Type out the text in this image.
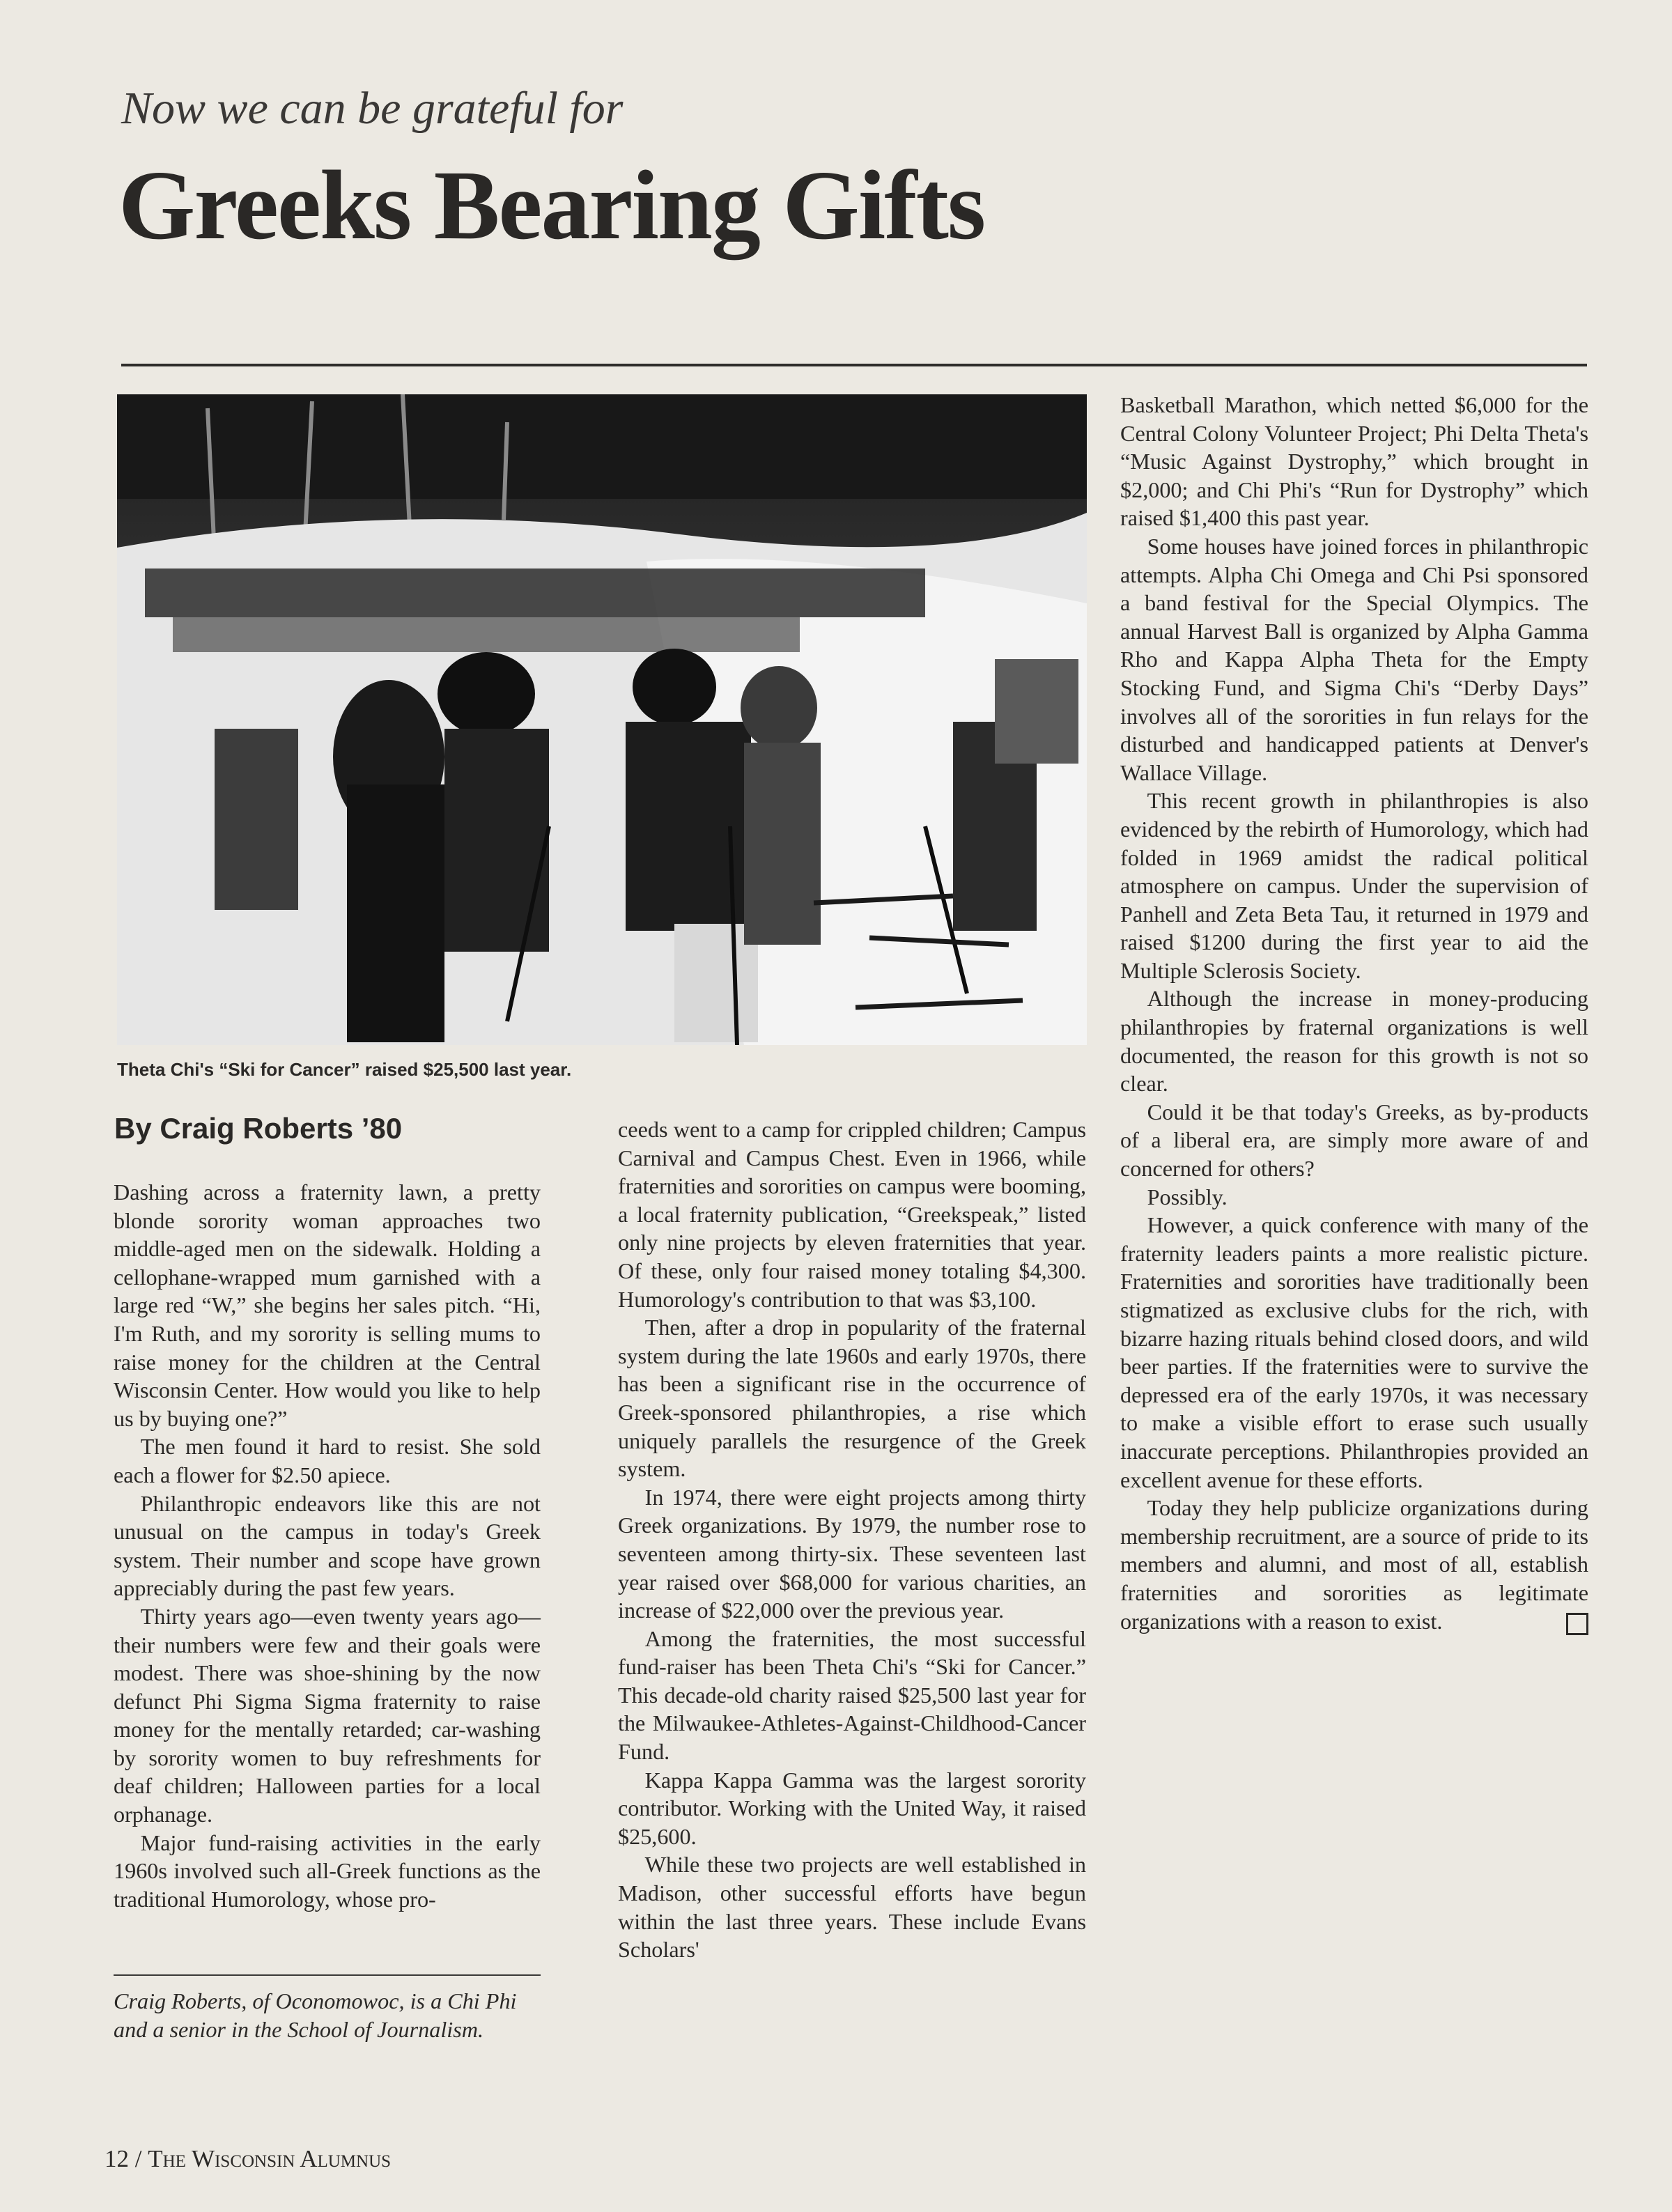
Now we can be grateful for
Greeks Bearing Gifts
Theta Chi's “Ski for Cancer” raised $25,500 last year.
By Craig Roberts ’80

Dashing across a fraternity lawn, a pretty blonde sorority woman approaches two middle-aged men on the sidewalk. Holding a cellophane-wrapped mum garnished with a large red “W,” she begins her sales pitch. “Hi, I'm Ruth, and my sorority is selling mums to raise money for the children at the Central Wisconsin Center. How would you like to help us by buying one?”

The men found it hard to resist. She sold each a flower for $2.50 apiece.

Philanthropic endeavors like this are not unusual on the campus in today's Greek system. Their number and scope have grown appreciably during the past few years.

Thirty years ago—even twenty years ago—their numbers were few and their goals were modest. There was shoe-shining by the now defunct Phi Sigma Sigma fraternity to raise money for the mentally retarded; car-washing by sorority women to buy refreshments for deaf children; Halloween parties for a local orphanage.

Major fund-raising activities in the early 1960s involved such all-Greek functions as the traditional Humorology, whose pro-

Craig Roberts, of Oconomowoc, is a Chi Phi and a senior in the School of Journalism.

ceeds went to a camp for crippled children; Campus Carnival and Campus Chest. Even in 1966, while fraternities and sororities on campus were booming, a local fraternity publication, “Greekspeak,” listed only nine projects by eleven fraternities that year. Of these, only four raised money totaling $4,300. Humorology's contribution to that was $3,100.

Then, after a drop in popularity of the fraternal system during the late 1960s and early 1970s, there has been a significant rise in the occurrence of Greek-sponsored philanthropies, a rise which uniquely parallels the resurgence of the Greek system.

In 1974, there were eight projects among thirty Greek organizations. By 1979, the number rose to seventeen among thirty-six. These seventeen last year raised over $68,000 for various charities, an increase of $22,000 over the previous year.

Among the fraternities, the most successful fund-raiser has been Theta Chi's “Ski for Cancer.” This decade-old charity raised $25,500 last year for the Milwaukee-Athletes-Against-Childhood-Cancer Fund.

Kappa Kappa Gamma was the largest sorority contributor. Working with the United Way, it raised $25,600.

While these two projects are well established in Madison, other successful efforts have begun within the last three years. These include Evans Scholars'

Basketball Marathon, which netted $6,000 for the Central Colony Volunteer Project; Phi Delta Theta's “Music Against Dystrophy,” which brought in $2,000; and Chi Phi's “Run for Dystrophy” which raised $1,400 this past year.

Some houses have joined forces in philanthropic attempts. Alpha Chi Omega and Chi Psi sponsored a band festival for the Special Olympics. The annual Harvest Ball is organized by Alpha Gamma Rho and Kappa Alpha Theta for the Empty Stocking Fund, and Sigma Chi's “Derby Days” involves all of the sororities in fun relays for the disturbed and handicapped patients at Denver's Wallace Village.

This recent growth in philanthropies is also evidenced by the rebirth of Humorology, which had folded in 1969 amidst the radical political atmosphere on campus. Under the supervision of Panhell and Zeta Beta Tau, it returned in 1979 and raised $1200 during the first year to aid the Multiple Sclerosis Society.

Although the increase in money-producing philanthropies by fraternal organizations is well documented, the reason for this growth is not so clear.

Could it be that today's Greeks, as by-products of a liberal era, are simply more aware of and concerned for others?

Possibly.

However, a quick conference with many of the fraternity leaders paints a more realistic picture. Fraternities and sororities have traditionally been stigmatized as exclusive clubs for the rich, with bizarre hazing rituals behind closed doors, and wild beer parties. If the fraternities were to survive the depressed era of the early 1970s, it was necessary to make a visible effort to erase such usually inaccurate perceptions. Philanthropies provided an excellent avenue for these efforts.

Today they help publicize organizations during membership recruitment, are a source of pride to its members and alumni, and most of all, establish fraternities and sororities as legitimate organizations with a reason to exist.

12 / The Wisconsin Alumnus
